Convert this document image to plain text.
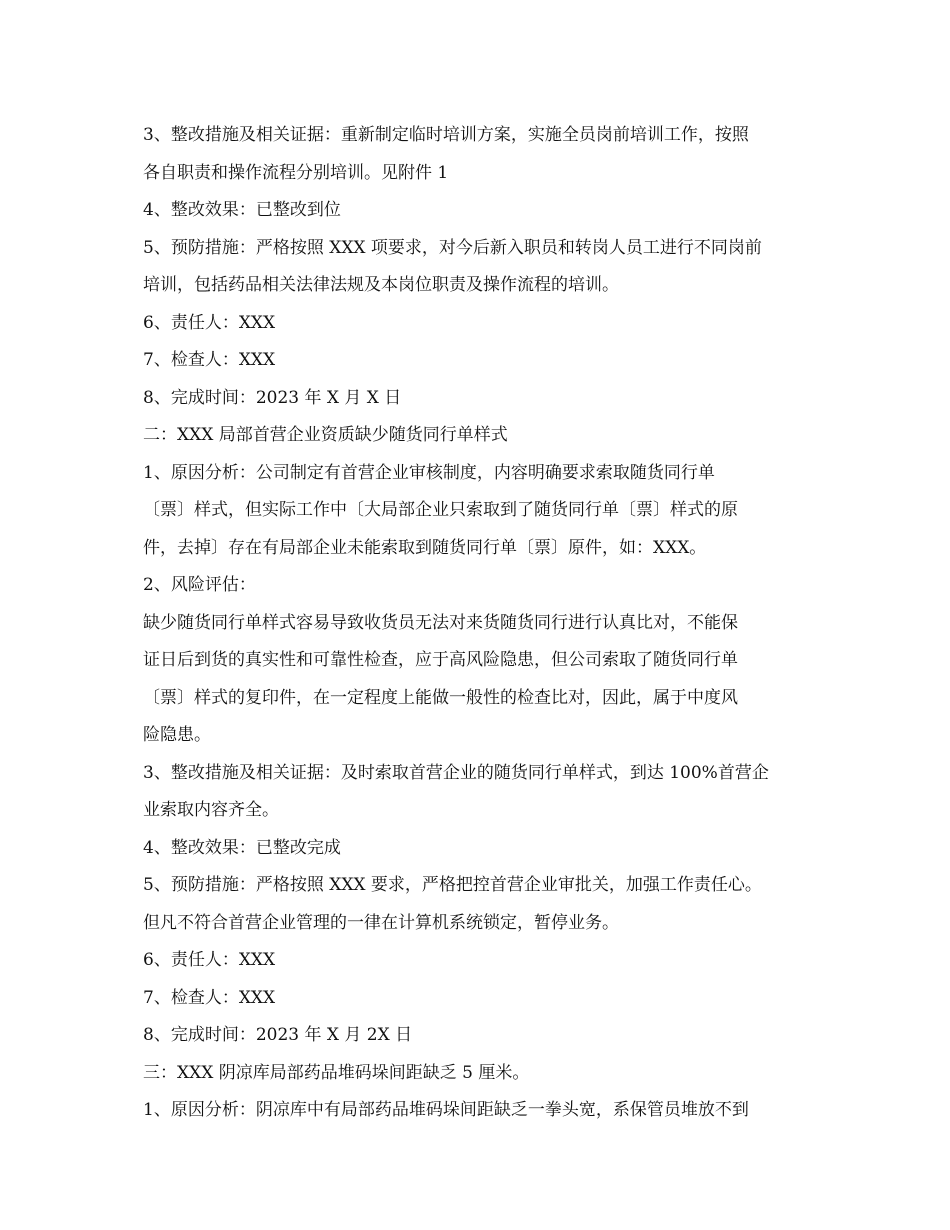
3、整改措施及相关证据：重新制定临时培训方案，实施全员岗前培训工作，按照
各自职责和操作流程分别培训。见附件 1
4、整改效果：已整改到位
5、预防措施：严格按照 XXX 项要求，对今后新入职员和转岗人员工进行不同岗前
培训，包括药品相关法律法规及本岗位职责及操作流程的培训。
6、责任人：XXX
7、检查人：XXX
8、完成时间：2023 年 X 月 X 日
二：XXX 局部首营企业资质缺少随货同行单样式
1、原因分析：公司制定有首营企业审核制度，内容明确要求索取随货同行单
〔票〕样式，但实际工作中〔大局部企业只索取到了随货同行单〔票〕样式的原
件，去掉〕存在有局部企业未能索取到随货同行单〔票〕原件，如：XXX。
2、风险评估：
缺少随货同行单样式容易导致收货员无法对来货随货同行进行认真比对，不能保
证日后到货的真实性和可靠性检查，应于高风险隐患，但公司索取了随货同行单
〔票〕样式的复印件，在一定程度上能做一般性的检查比对，因此，属于中度风
险隐患。
3、整改措施及相关证据：及时索取首营企业的随货同行单样式，到达 100%首营企
业索取内容齐全。
4、整改效果：已整改完成
5、预防措施：严格按照 XXX 要求，严格把控首营企业审批关，加强工作责任心。
但凡不符合首营企业管理的一律在计算机系统锁定，暂停业务。
6、责任人：XXX
7、检查人：XXX
8、完成时间：2023 年 X 月 2X 日
三：XXX 阴凉库局部药品堆码垛间距缺乏 5 厘米。
1、原因分析：阴凉库中有局部药品堆码垛间距缺乏一拳头宽，系保管员堆放不到
